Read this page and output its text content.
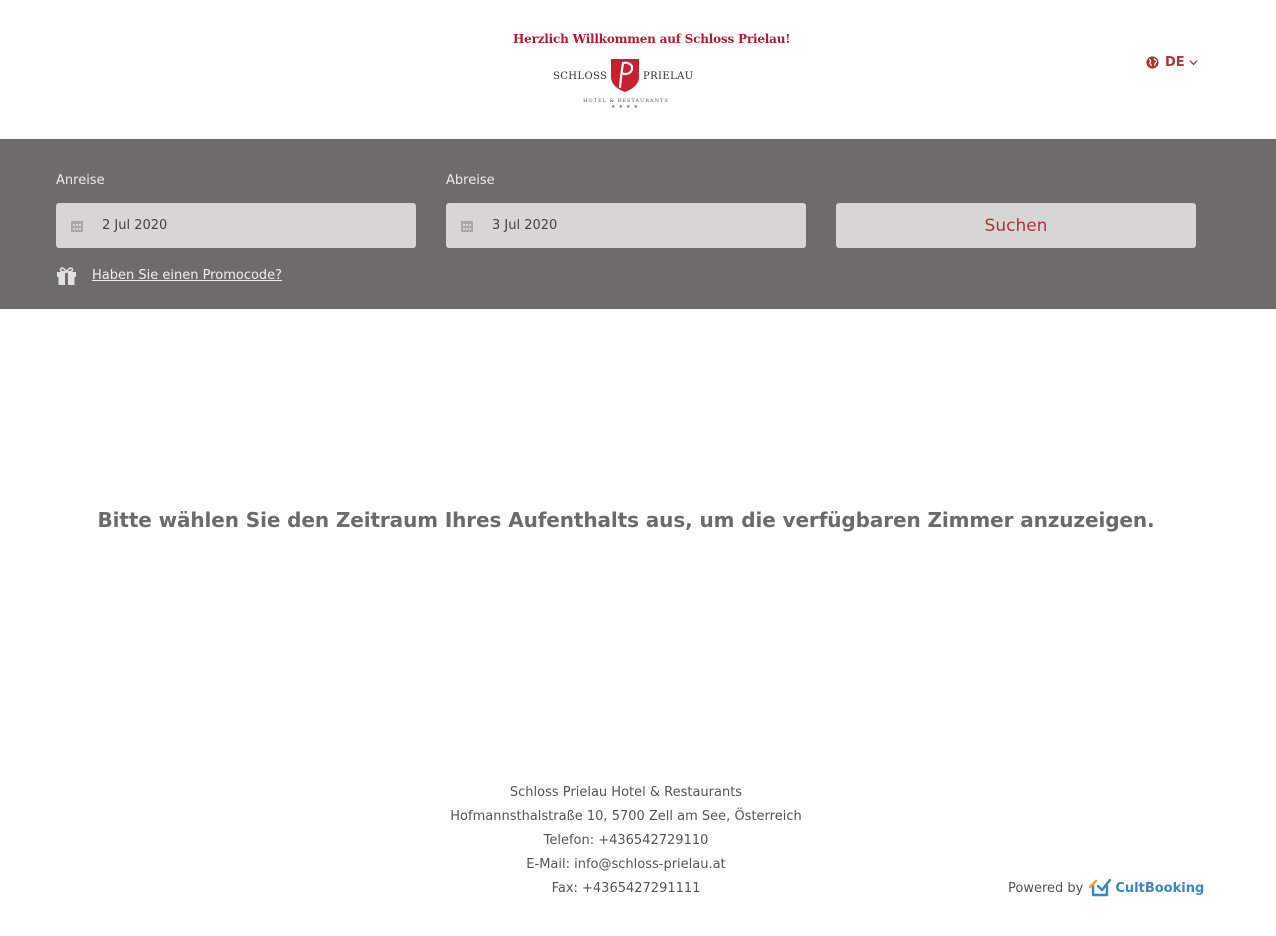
Herzlich Willkommen auf Schloss Prielau!
SCHLOSS	PRIELAU
HOTEL & RESTAURANTS
★★★★
DE
Anreise
2 Jul 2020
Abreise
3 Jul 2020	Suchen
Haben Sie einen Promocode?
Bitte wählen Sie den Zeitraum Ihres Aufenthalts aus, um die verfügbaren Zimmer anzuzeigen.
Schloss Prielau Hotel & Restaurants
Hofmannsthalstraße 10, 5700 Zell am See, Österreich
Telefon: +436542729110
E-Mail: info@schloss-prielau.at
Fax: +4365427291111	Powered by CultBooking
